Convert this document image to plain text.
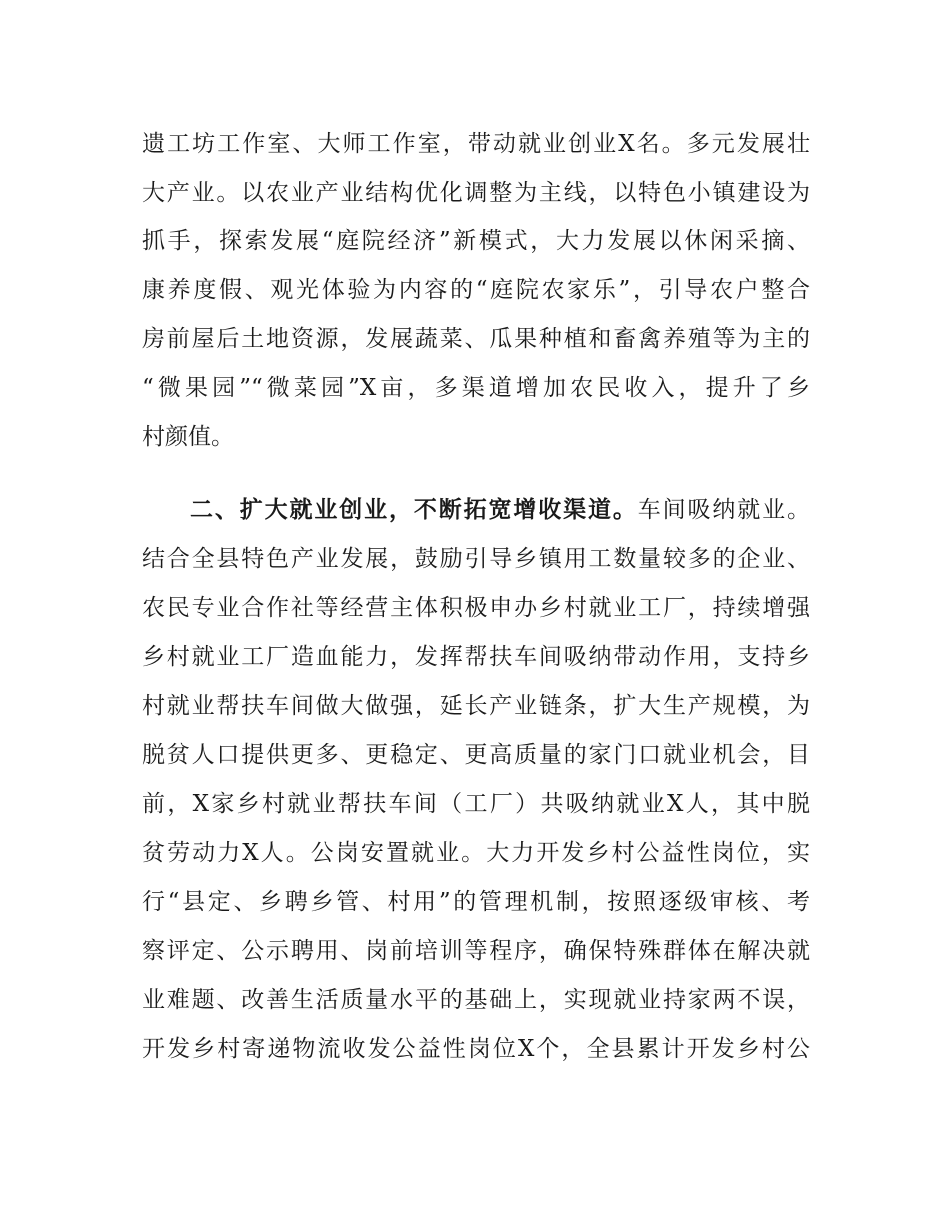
遗工坊工作室、大师工作室，带动就业创业X名。多元发展壮
大产业。以农业产业结构优化调整为主线，以特色小镇建设为
抓手，探索发展“庭院经济”新模式，大力发展以休闲采摘、
康养度假、观光体验为内容的“庭院农家乐”，引导农户整合
房前屋后土地资源，发展蔬菜、瓜果种植和畜禽养殖等为主的
“微果园”“微菜园”X亩，多渠道增加农民收入，提升了乡
村颜值。
二、扩大就业创业，不断拓宽增收渠道。车间吸纳就业。
结合全县特色产业发展，鼓励引导乡镇用工数量较多的企业、
农民专业合作社等经营主体积极申办乡村就业工厂，持续增强
乡村就业工厂造血能力，发挥帮扶车间吸纳带动作用，支持乡
村就业帮扶车间做大做强，延长产业链条，扩大生产规模，为
脱贫人口提供更多、更稳定、更高质量的家门口就业机会，目
前，X家乡村就业帮扶车间（工厂）共吸纳就业X人，其中脱
贫劳动力X人。公岗安置就业。大力开发乡村公益性岗位，实
行“县定、乡聘乡管、村用”的管理机制，按照逐级审核、考
察评定、公示聘用、岗前培训等程序，确保特殊群体在解决就
业难题、改善生活质量水平的基础上，实现就业持家两不误，
开发乡村寄递物流收发公益性岗位X个，全县累计开发乡村公
